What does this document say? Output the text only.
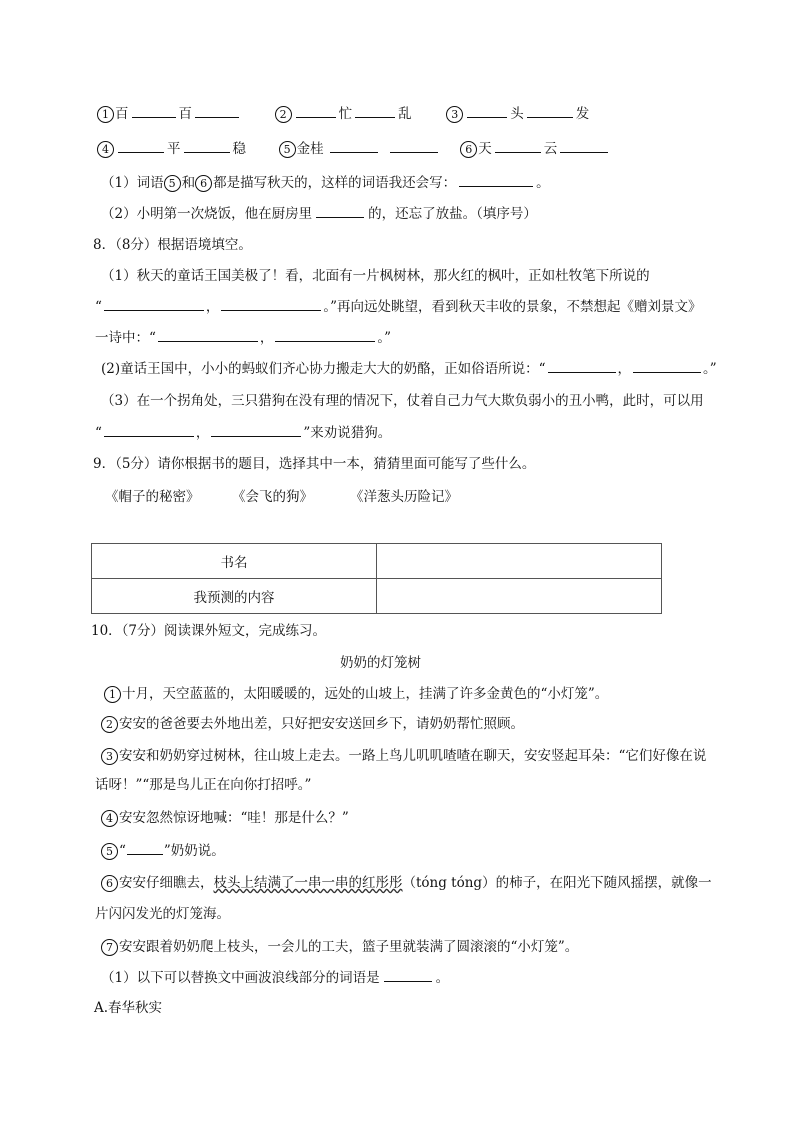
1 百	百	2	忙	乱	3	头	发
4	平	稳	5 金桂	6 天	云
（1）词语 5 和 6 都是描写秋天的，这样的词语我还会写：	。
（2）小明第一次烧饭，他在厨房里	的，还忘了放盐。（填序号）
8．（8分）根据语境填空。
（1）秋天的童话王国美极了！看，北面有一片枫树林，那火红的枫叶，正如杜牧笔下所说的
“	，	。”再向远处眺望，看到秋天丰收的景象，不禁想起《赠刘景文》
一诗中：“	，	。”
(2)童话王国中，小小的蚂蚁们齐心协力搬走大大的奶酪，正如俗语所说：“	，	。”
（3）在一个拐角处，三只猎狗在没有理的情况下，仗着自己力气大欺负弱小的丑小鸭，此时，可以用
“	，	”来劝说猎狗。
9．（5分）请你根据书的题目，选择其中一本，猜猜里面可能写了些什么。
《帽子的秘密》 《会飞的狗》	《洋葱头历险记》
书名	
我预测的内容	
10．（7分）阅读课外短文，完成练习。
奶奶的灯笼树
1 十月，天空蓝蓝的，太阳暖暖的，远处的山坡上，挂满了许多金黄色的“小灯笼”。
2 安安的爸爸要去外地出差，只好把安安送回乡下，请奶奶帮忙照顾。
3 安安和奶奶穿过树林，往山坡上走去。一路上鸟儿叽叽喳喳在聊天，安安竖起耳朵：“它们好像在说
话呀！”“那是鸟儿正在向你打招呼。”
4 安安忽然惊讶地喊：“哇！那是什么？”
5 “	”奶奶说。
6 安安仔细瞧去，枝头上结满了一串一串的红彤彤（tóng tóng）的柿子，在阳光下随风摇摆，就像一
片闪闪发光的灯笼海。
7 安安跟着奶奶爬上枝头，一会儿的工夫，篮子里就装满了圆滚滚的“小灯笼”。
（1）以下可以替换文中画波浪线部分的词语是	。
A.春华秋实
